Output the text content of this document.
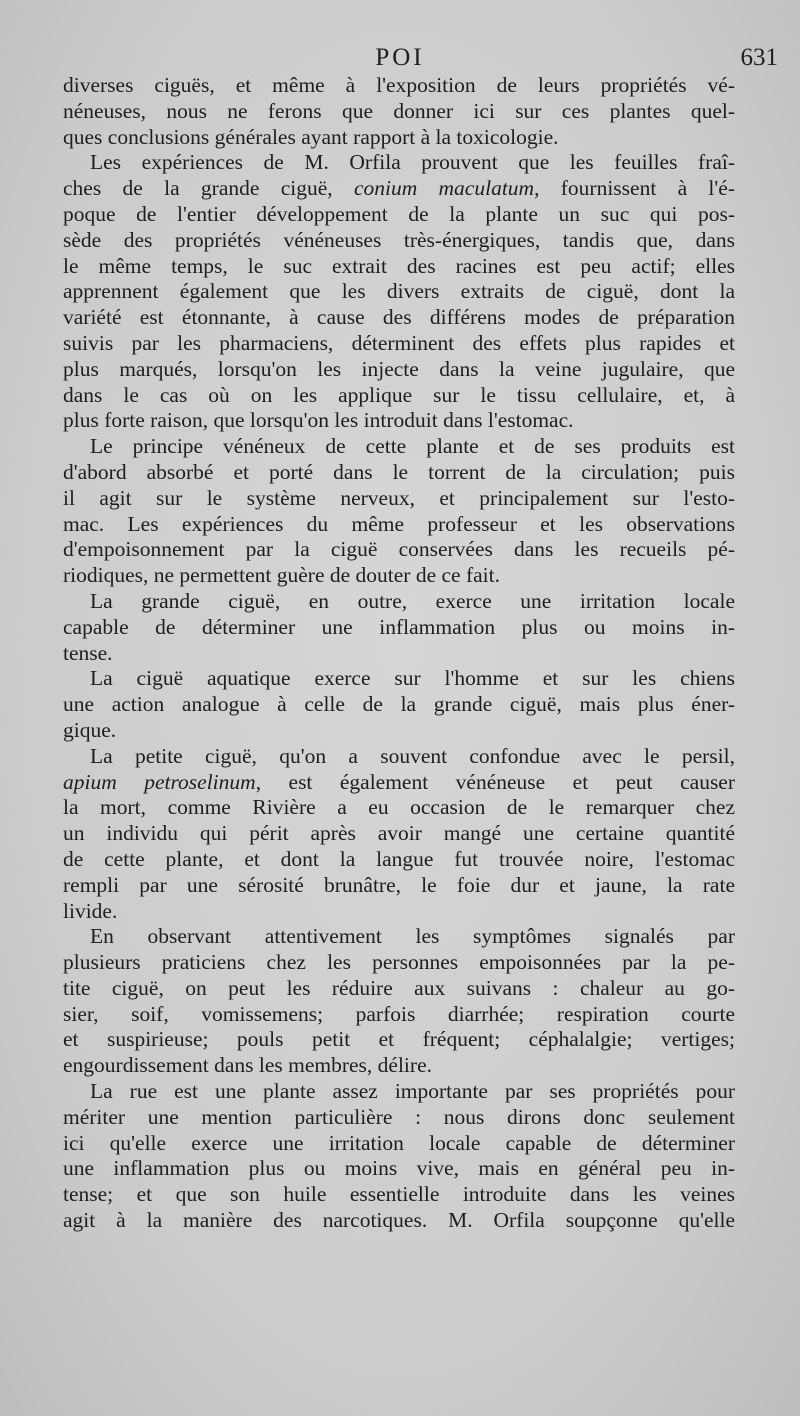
POI	631
diverses ciguës, et même à l'exposition de leurs propriétés vé-
néneuses, nous ne ferons que donner ici sur ces plantes quel-
ques conclusions générales ayant rapport à la toxicologie.
Les expériences de M. Orfila prouvent que les feuilles fraî-
ches de la grande ciguë, conium maculatum, fournissent à l'é-
poque de l'entier développement de la plante un suc qui pos-
sède des propriétés vénéneuses très-énergiques, tandis que, dans
le même temps, le suc extrait des racines est peu actif; elles
apprennent également que les divers extraits de ciguë, dont la
variété est étonnante, à cause des différens modes de préparation
suivis par les pharmaciens, déterminent des effets plus rapides et
plus marqués, lorsqu'on les injecte dans la veine jugulaire, que
dans le cas où on les applique sur le tissu cellulaire, et, à
plus forte raison, que lorsqu'on les introduit dans l'estomac.
Le principe vénéneux de cette plante et de ses produits est
d'abord absorbé et porté dans le torrent de la circulation; puis
il agit sur le système nerveux, et principalement sur l'esto-
mac. Les expériences du même professeur et les observations
d'empoisonnement par la ciguë conservées dans les recueils pé-
riodiques, ne permettent guère de douter de ce fait.
La grande ciguë, en outre, exerce une irritation locale
capable de déterminer une inflammation plus ou moins in-
tense.
La ciguë aquatique exerce sur l'homme et sur les chiens
une action analogue à celle de la grande ciguë, mais plus éner-
gique.
La petite ciguë, qu'on a souvent confondue avec le persil,
apium petroselinum, est également vénéneuse et peut causer
la mort, comme Rivière a eu occasion de le remarquer chez
un individu qui périt après avoir mangé une certaine quantité
de cette plante, et dont la langue fut trouvée noire, l'estomac
rempli par une sérosité brunâtre, le foie dur et jaune, la rate
livide.
En observant attentivement les symptômes signalés par
plusieurs praticiens chez les personnes empoisonnées par la pe-
tite ciguë, on peut les réduire aux suivans : chaleur au go-
sier, soif, vomissemens; parfois diarrhée; respiration courte
et suspirieuse; pouls petit et fréquent; céphalalgie; vertiges;
engourdissement dans les membres, délire.
La rue est une plante assez importante par ses propriétés pour
mériter une mention particulière : nous dirons donc seulement
ici qu'elle exerce une irritation locale capable de déterminer
une inflammation plus ou moins vive, mais en général peu in-
tense; et que son huile essentielle introduite dans les veines
agit à la manière des narcotiques. M. Orfila soupçonne qu'elle
